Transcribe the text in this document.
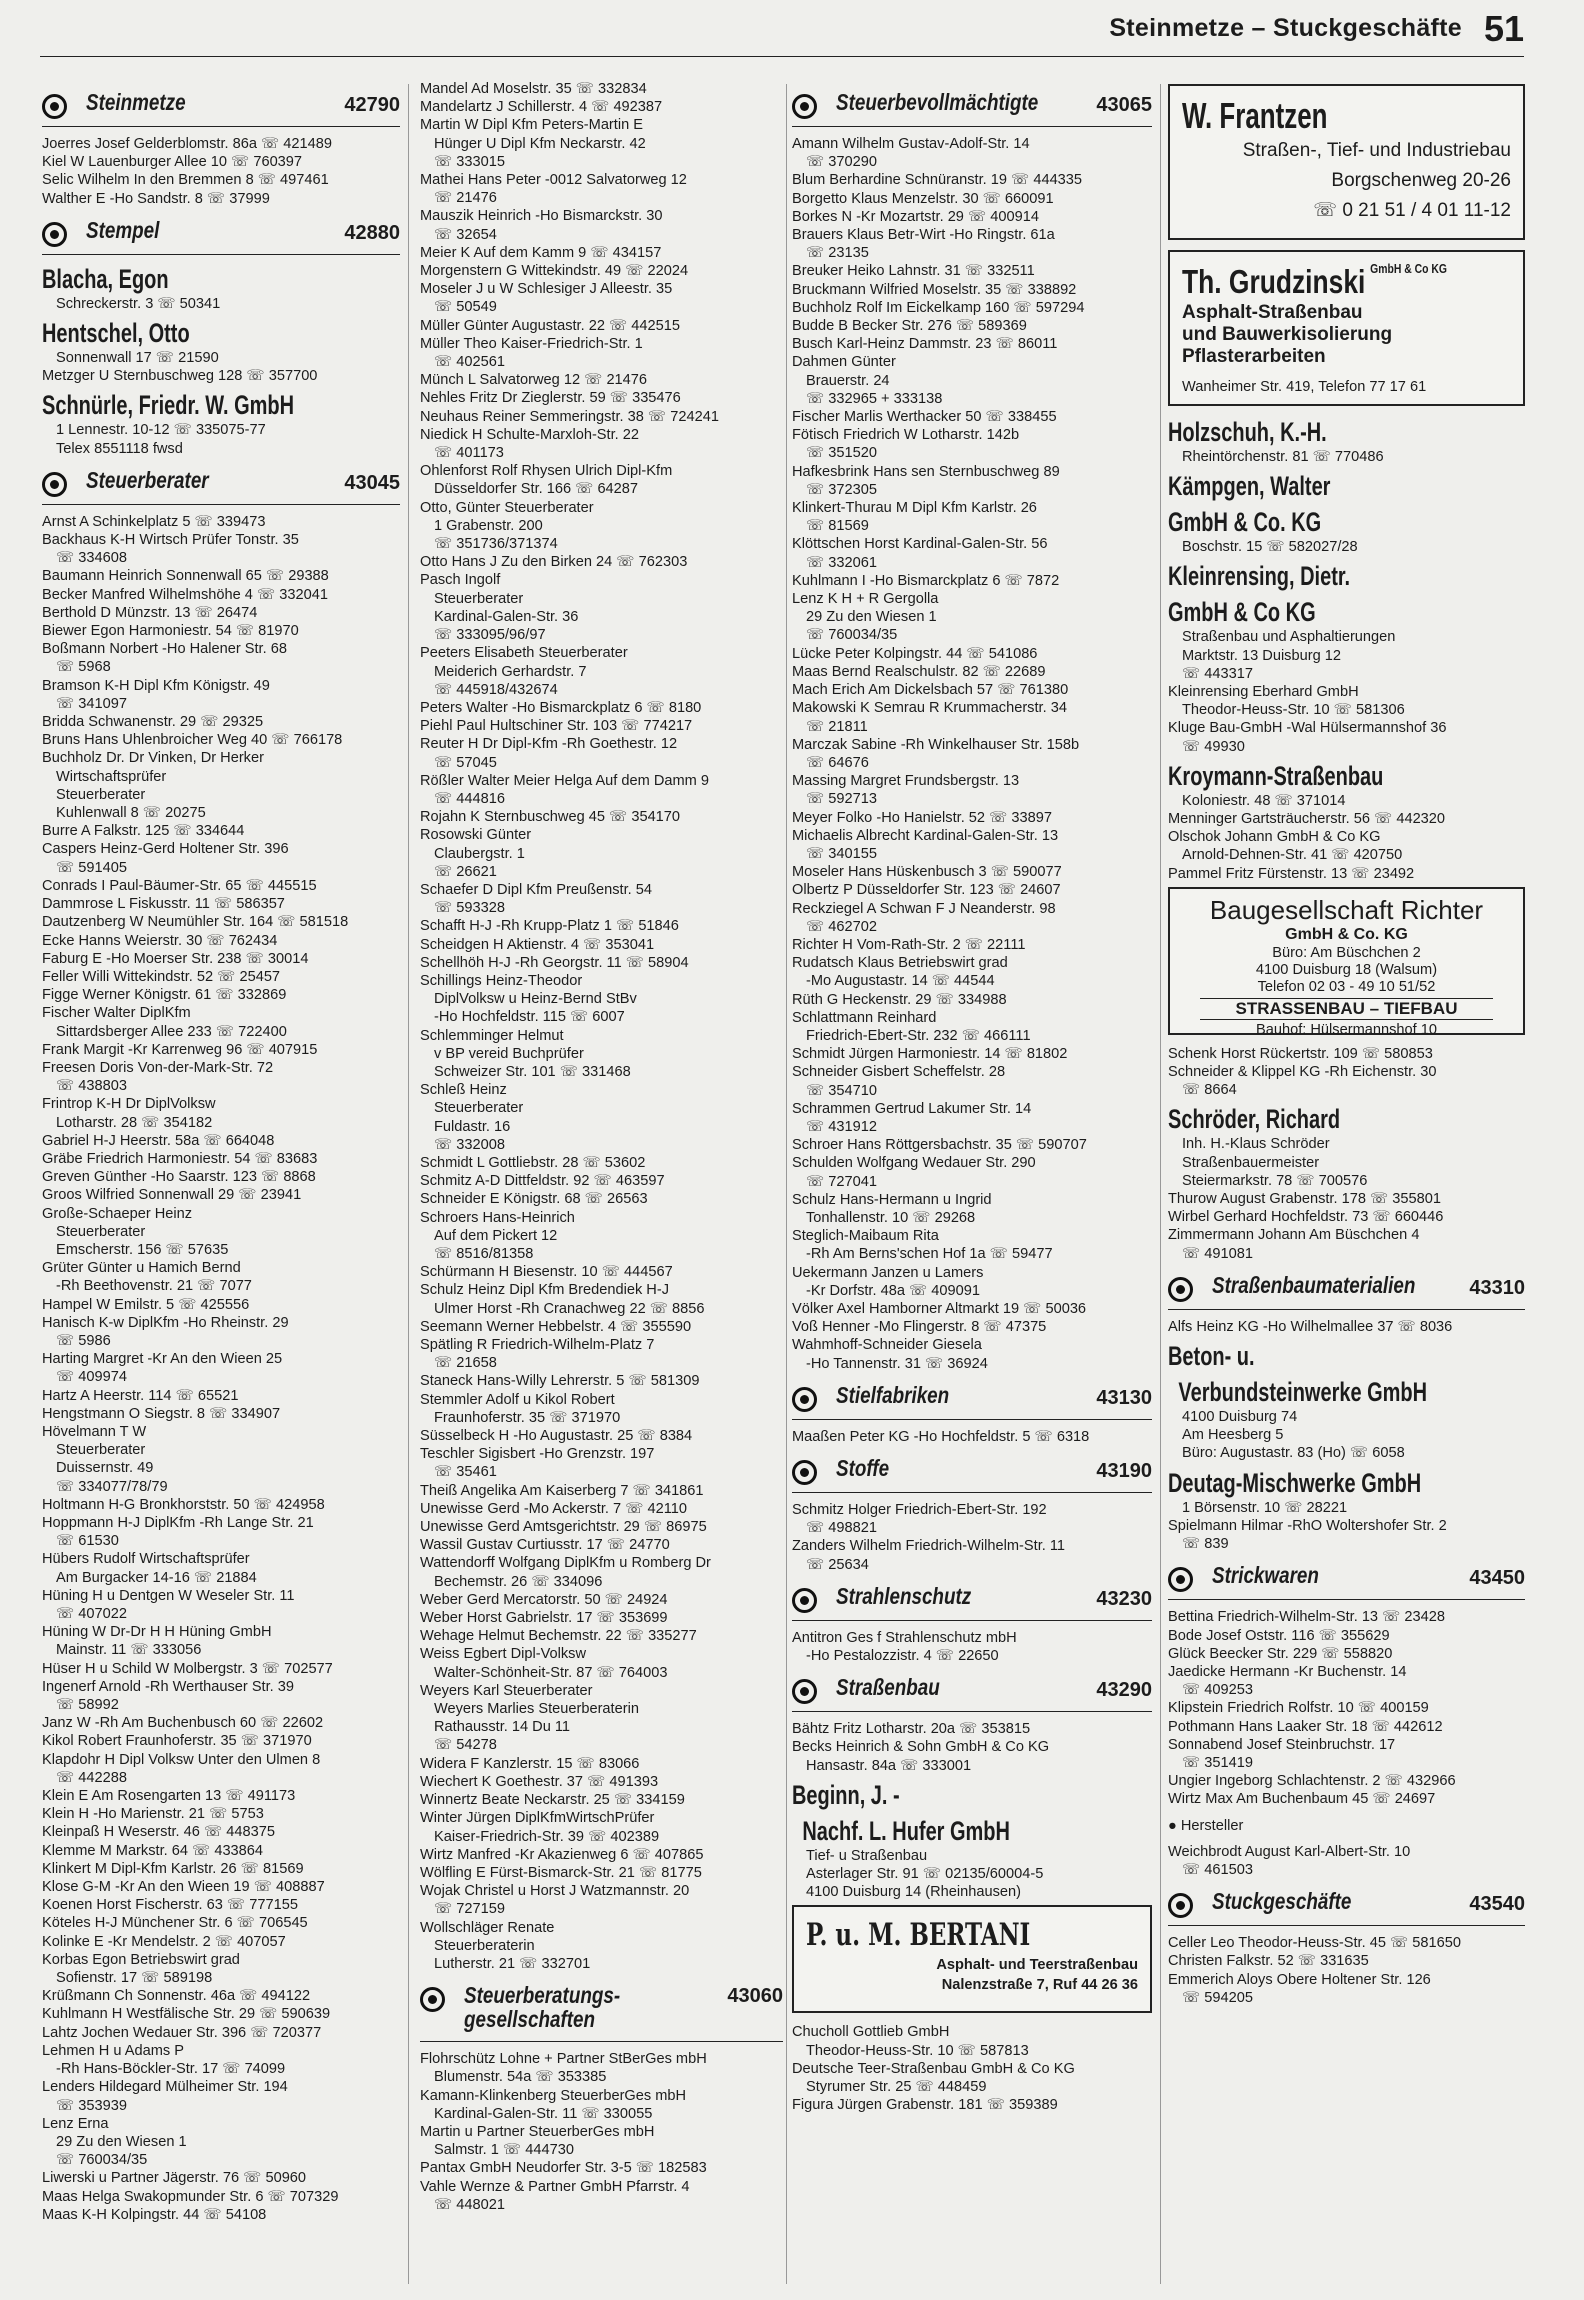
Steinmetze – Stuckgeschäfte 51
Steinmetze	42790
Joerres Josef Gelderblomstr. 86a ☏ 421489
Kiel W Lauenburger Allee 10 ☏ 760397
Selic Wilhelm In den Bremmen 8 ☏ 497461
Walther E -Ho Sandstr. 8 ☏ 37999
Stempel	42880
Blacha, Egon
Schreckerstr. 3 ☏ 50341
Hentschel, Otto
Sonnenwall 17 ☏ 21590
Metzger U Sternbuschweg 128 ☏ 357700
Schnürle, Friedr. W. GmbH
1 Lennestr. 10-12 ☏ 335075-77
Telex 8551118 fwsd
Steuerberater	43045
Arnst A Schinkelplatz 5 ☏ 339473
Backhaus K-H Wirtsch Prüfer Tonstr. 35
☏ 334608
Baumann Heinrich Sonnenwall 65 ☏ 29388
Becker Manfred Wilhelmshöhe 4 ☏ 332041
Berthold D Münzstr. 13 ☏ 26474
Biewer Egon Harmoniestr. 54 ☏ 81970
Boßmann Norbert -Ho Halener Str. 68
☏ 5968
Bramson K-H Dipl Kfm Königstr. 49
☏ 341097
Bridda Schwanenstr. 29 ☏ 29325
Bruns Hans Uhlenbroicher Weg 40 ☏ 766178
Buchholz Dr. Dr Vinken, Dr Herker
Wirtschaftsprüfer
Steuerberater
Kuhlenwall 8 ☏ 20275
Burre A Falkstr. 125 ☏ 334644
Caspers Heinz-Gerd Holtener Str. 396
☏ 591405
Conrads I Paul-Bäumer-Str. 65 ☏ 445515
Dammrose L Fiskusstr. 11 ☏ 586357
Dautzenberg W Neumühler Str. 164 ☏ 581518
Ecke Hanns Weierstr. 30 ☏ 762434
Faburg E -Ho Moerser Str. 238 ☏ 30014
Feller Willi Wittekindstr. 52 ☏ 25457
Figge Werner Königstr. 61 ☏ 332869
Fischer Walter DiplKfm
Sittardsberger Allee 233 ☏ 722400
Frank Margit -Kr Karrenweg 96 ☏ 407915
Freesen Doris Von-der-Mark-Str. 72
☏ 438803
Frintrop K-H Dr DiplVolksw
Lotharstr. 28 ☏ 354182
Gabriel H-J Heerstr. 58a ☏ 664048
Gräbe Friedrich Harmoniestr. 54 ☏ 83683
Greven Günther -Ho Saarstr. 123 ☏ 8868
Groos Wilfried Sonnenwall 29 ☏ 23941
Große-Schaeper Heinz
Steuerberater
Emscherstr. 156 ☏ 57635
Grüter Günter u Hamich Bernd
-Rh Beethovenstr. 21 ☏ 7077
Hampel W Emilstr. 5 ☏ 425556
Hanisch K-w DiplKfm -Ho Rheinstr. 29
☏ 5986
Harting Margret -Kr An den Wieen 25
☏ 409974
Hartz A Heerstr. 114 ☏ 65521
Hengstmann O Siegstr. 8 ☏ 334907
Hövelmann T W
Steuerberater
Duissernstr. 49
☏ 334077/78/79
Holtmann H-G Bronkhorststr. 50 ☏ 424958
Hoppmann H-J DiplKfm -Rh Lange Str. 21
☏ 61530
Hübers Rudolf Wirtschaftsprüfer
Am Burgacker 14-16 ☏ 21884
Hüning H u Dentgen W Weseler Str. 11
☏ 407022
Hüning W Dr-Dr H H Hüning GmbH
Mainstr. 11 ☏ 333056
Hüser H u Schild W Molbergstr. 3 ☏ 702577
Ingenerf Arnold -Rh Werthauser Str. 39
☏ 58992
Janz W -Rh Am Buchenbusch 60 ☏ 22602
Kikol Robert Fraunhoferstr. 35 ☏ 371970
Klapdohr H Dipl Volksw Unter den Ulmen 8
☏ 442288
Klein E Am Rosengarten 13 ☏ 491173
Klein H -Ho Marienstr. 21 ☏ 5753
Kleinpaß H Weserstr. 46 ☏ 448375
Klemme M Markstr. 64 ☏ 433864
Klinkert M Dipl-Kfm Karlstr. 26 ☏ 81569
Klose G-M -Kr An den Wieen 19 ☏ 408887
Koenen Horst Fischerstr. 63 ☏ 777155
Köteles H-J Münchener Str. 6 ☏ 706545
Kolinke E -Kr Mendelstr. 2 ☏ 407057
Korbas Egon Betriebswirt grad
Sofienstr. 17 ☏ 589198
Krüßmann Ch Sonnenstr. 46a ☏ 494122
Kuhlmann H Westfälische Str. 29 ☏ 590639
Lahtz Jochen Wedauer Str. 396 ☏ 720377
Lehmen H u Adams P
-Rh Hans-Böckler-Str. 17 ☏ 74099
Lenders Hildegard Mülheimer Str. 194
☏ 353939
Lenz Erna
29 Zu den Wiesen 1
☏ 760034/35
Liwerski u Partner Jägerstr. 76 ☏ 50960
Maas Helga Swakopmunder Str. 6 ☏ 707329
Maas K-H Kolpingstr. 44 ☏ 54108
Mandel Ad Moselstr. 35 ☏ 332834
Mandelartz J Schillerstr. 4 ☏ 492387
Martin W Dipl Kfm Peters-Martin E
Hünger U Dipl Kfm Neckarstr. 42
☏ 333015
Mathei Hans Peter -0012 Salvatorweg 12
☏ 21476
Mauszik Heinrich -Ho Bismarckstr. 30
☏ 32654
Meier K Auf dem Kamm 9 ☏ 434157
Morgenstern G Wittekindstr. 49 ☏ 22024
Moseler J u W Schlesiger J Alleestr. 35
☏ 50549
Müller Günter Augustastr. 22 ☏ 442515
Müller Theo Kaiser-Friedrich-Str. 1
☏ 402561
Münch L Salvatorweg 12 ☏ 21476
Nehles Fritz Dr Zieglerstr. 59 ☏ 335476
Neuhaus Reiner Semmeringstr. 38 ☏ 724241
Niedick H Schulte-Marxloh-Str. 22
☏ 401173
Ohlenforst Rolf Rhysen Ulrich Dipl-Kfm
Düsseldorfer Str. 166 ☏ 64287
Otto, Günter Steuerberater
1 Grabenstr. 200
☏ 351736/371374
Otto Hans J Zu den Birken 24 ☏ 762303
Pasch Ingolf
Steuerberater
Kardinal-Galen-Str. 36
☏ 333095/96/97
Peeters Elisabeth Steuerberater
Meiderich Gerhardstr. 7
☏ 445918/432674
Peters Walter -Ho Bismarckplatz 6 ☏ 8180
Piehl Paul Hultschiner Str. 103 ☏ 774217
Reuter H Dr Dipl-Kfm -Rh Goethestr. 12
☏ 57045
Rößler Walter Meier Helga Auf dem Damm 9
☏ 444816
Rojahn K Sternbuschweg 45 ☏ 354170
Rosowski Günter
Claubergstr. 1
☏ 26621
Schaefer D Dipl Kfm Preußenstr. 54
☏ 593328
Schafft H-J -Rh Krupp-Platz 1 ☏ 51846
Scheidgen H Aktienstr. 4 ☏ 353041
Schellhöh H-J -Rh Georgstr. 11 ☏ 58904
Schillings Heinz-Theodor
DiplVolksw u Heinz-Bernd StBv
-Ho Hochfeldstr. 115 ☏ 6007
Schlemminger Helmut
v BP vereid Buchprüfer
Schweizer Str. 101 ☏ 331468
Schleß Heinz
Steuerberater
Fuldastr. 16
☏ 332008
Schmidt L Gottliebstr. 28 ☏ 53602
Schmitz A-D Dittfeldstr. 92 ☏ 463597
Schneider E Königstr. 68 ☏ 26563
Schroers Hans-Heinrich
Auf dem Pickert 12
☏ 8516/81358
Schürmann H Biesenstr. 10 ☏ 444567
Schulz Heinz Dipl Kfm Bredendiek H-J
Ulmer Horst -Rh Cranachweg 22 ☏ 8856
Seemann Werner Hebbelstr. 4 ☏ 355590
Spätling R Friedrich-Wilhelm-Platz 7
☏ 21658
Staneck Hans-Willy Lehrerstr. 5 ☏ 581309
Stemmler Adolf u Kikol Robert
Fraunhoferstr. 35 ☏ 371970
Süsselbeck H -Ho Augustastr. 25 ☏ 8384
Teschler Sigisbert -Ho Grenzstr. 197
☏ 35461
Theiß Angelika Am Kaiserberg 7 ☏ 341861
Unewisse Gerd -Mo Ackerstr. 7 ☏ 42110
Unewisse Gerd Amtsgerichtstr. 29 ☏ 86975
Wassil Gustav Curtiusstr. 17 ☏ 24770
Wattendorff Wolfgang DiplKfm u Romberg Dr
Bechemstr. 26 ☏ 334096
Weber Gerd Mercatorstr. 50 ☏ 24924
Weber Horst Gabrielstr. 17 ☏ 353699
Wehage Helmut Bechemstr. 22 ☏ 335277
Weiss Egbert Dipl-Volksw
Walter-Schönheit-Str. 87 ☏ 764003
Weyers Karl Steuerberater
Weyers Marlies Steuerberaterin
Rathausstr. 14 Du 11
☏ 54278
Widera F Kanzlerstr. 15 ☏ 83066
Wiechert K Goethestr. 37 ☏ 491393
Winnertz Beate Neckarstr. 25 ☏ 334159
Winter Jürgen DiplKfmWirtschPrüfer
Kaiser-Friedrich-Str. 39 ☏ 402389
Wirtz Manfred -Kr Akazienweg 6 ☏ 407865
Wölfling E Fürst-Bismarck-Str. 21 ☏ 81775
Wojak Christel u Horst J Watzmannstr. 20
☏ 727159
Wollschläger Renate
Steuerberaterin
Lutherstr. 21 ☏ 332701
Steuerberatungs-
gesellschaften
43060
Flohrschütz Lohne + Partner StBerGes mbH
Blumenstr. 54a ☏ 353385
Kamann-Klinkenberg SteuerberGes mbH
Kardinal-Galen-Str. 11 ☏ 330055
Martin u Partner SteuerberGes mbH
Salmstr. 1 ☏ 444730
Pantax GmbH Neudorfer Str. 3-5 ☏ 182583
Vahle Wernze & Partner GmbH Pfarrstr. 4
☏ 448021
Steuerbevollmächtigte	43065
Amann Wilhelm Gustav-Adolf-Str. 14
☏ 370290
Blum Berhardine Schnüranstr. 19 ☏ 444335
Borgetto Klaus Menzelstr. 30 ☏ 660091
Borkes N -Kr Mozartstr. 29 ☏ 400914
Brauers Klaus Betr-Wirt -Ho Ringstr. 61a
☏ 23135
Breuker Heiko Lahnstr. 31 ☏ 332511
Bruckmann Wilfried Moselstr. 35 ☏ 338892
Buchholz Rolf Im Eickelkamp 160 ☏ 597294
Budde B Becker Str. 276 ☏ 589369
Busch Karl-Heinz Dammstr. 23 ☏ 86011
Dahmen Günter
Brauerstr. 24
☏ 332965 + 333138
Fischer Marlis Werthacker 50 ☏ 338455
Fötisch Friedrich W Lotharstr. 142b
☏ 351520
Hafkesbrink Hans sen Sternbuschweg 89
☏ 372305
Klinkert-Thurau M Dipl Kfm Karlstr. 26
☏ 81569
Klöttschen Horst Kardinal-Galen-Str. 56
☏ 332061
Kuhlmann I -Ho Bismarckplatz 6 ☏ 7872
Lenz K H + R Gergolla
29 Zu den Wiesen 1
☏ 760034/35
Lücke Peter Kolpingstr. 44 ☏ 541086
Maas Bernd Realschulstr. 82 ☏ 22689
Mach Erich Am Dickelsbach 57 ☏ 761380
Makowski K Semrau R Krummacherstr. 34
☏ 21811
Marczak Sabine -Rh Winkelhauser Str. 158b
☏ 64676
Massing Margret Frundsbergstr. 13
☏ 592713
Meyer Folko -Ho Hanielstr. 52 ☏ 33897
Michaelis Albrecht Kardinal-Galen-Str. 13
☏ 340155
Moseler Hans Hüskenbusch 3 ☏ 590077
Olbertz P Düsseldorfer Str. 123 ☏ 24607
Reckziegel A Schwan F J Neanderstr. 98
☏ 462702
Richter H Vom-Rath-Str. 2 ☏ 22111
Rudatsch Klaus Betriebswirt grad
-Mo Augustastr. 14 ☏ 44544
Rüth G Heckenstr. 29 ☏ 334988
Schlattmann Reinhard
Friedrich-Ebert-Str. 232 ☏ 466111
Schmidt Jürgen Harmoniestr. 14 ☏ 81802
Schneider Gisbert Scheffelstr. 28
☏ 354710
Schrammen Gertrud Lakumer Str. 14
☏ 431912
Schroer Hans Röttgersbachstr. 35 ☏ 590707
Schulden Wolfgang Wedauer Str. 290
☏ 727041
Schulz Hans-Hermann u Ingrid
Tonhallenstr. 10 ☏ 29268
Steglich-Maibaum Rita
-Rh Am Berns'schen Hof 1a ☏ 59477
Uekermann Janzen u Lamers
-Kr Dorfstr. 48a ☏ 409091
Völker Axel Hamborner Altmarkt 19 ☏ 50036
Voß Henner -Mo Flingerstr. 8 ☏ 47375
Wahmhoff-Schneider Giesela
-Ho Tannenstr. 31 ☏ 36924
Stielfabriken	43130
Maaßen Peter KG -Ho Hochfeldstr. 5 ☏ 6318
Stoffe	43190
Schmitz Holger Friedrich-Ebert-Str. 192
☏ 498821
Zanders Wilhelm Friedrich-Wilhelm-Str. 11
☏ 25634
Strahlenschutz	43230
Antitron Ges f Strahlenschutz mbH
-Ho Pestalozzistr. 4 ☏ 22650
Straßenbau	43290
Bähtz Fritz Lotharstr. 20a ☏ 353815
Becks Heinrich & Sohn GmbH & Co KG
Hansastr. 84a ☏ 333001
Beginn, J. -
Nachf. L. Hufer GmbH
Tief- u Straßenbau
Asterlager Str. 91 ☏ 02135/60004-5
4100 Duisburg 14 (Rheinhausen)
P. u. M. BERTANI
Asphalt- und Teerstraßenbau
Nalenzstraße 7, Ruf 44 26 36
Chucholl Gottlieb GmbH
Theodor-Heuss-Str. 10 ☏ 587813
Deutsche Teer-Straßenbau GmbH & Co KG
Styrumer Str. 25 ☏ 448459
Figura Jürgen Grabenstr. 181 ☏ 359389
W. Frantzen
Straßen-, Tief- und Industriebau
Borgschenweg 20-26
☏ 0 21 51 / 4 01 11-12
Th. Grudzinski GmbH & Co KG
Asphalt-Straßenbau
und Bauwerkisolierung
Pflasterarbeiten
Wanheimer Str. 419, Telefon 77 17 61
Holzschuh, K.-H.
Rheintörchenstr. 81 ☏ 770486
Kämpgen, Walter
GmbH & Co. KG
Boschstr. 15 ☏ 582027/28
Kleinrensing, Dietr.
GmbH & Co KG
Straßenbau und Asphaltierungen
Marktstr. 13 Duisburg 12
☏ 443317
Kleinrensing Eberhard GmbH
Theodor-Heuss-Str. 10 ☏ 581306
Kluge Bau-GmbH -Wal Hülsermannshof 36
☏ 49930
Kroymann-Straßenbau
Koloniestr. 48 ☏ 371014
Menninger Gartsträucherstr. 56 ☏ 442320
Olschok Johann GmbH & Co KG
Arnold-Dehnen-Str. 41 ☏ 420750
Pammel Fritz Fürstenstr. 13 ☏ 23492
Baugesellschaft Richter
GmbH & Co. KG
Büro: Am Büschchen 2
4100 Duisburg 18 (Walsum)
Telefon 02 03 - 49 10 51/52
STRASSENBAU – TIEFBAU
Bauhof: Hülsermannshof 10
Schenk Horst Rückertstr. 109 ☏ 580853
Schneider & Klippel KG -Rh Eichenstr. 30
☏ 8664
Schröder, Richard
Inh. H.-Klaus Schröder
Straßenbauermeister
Steiermarkstr. 78 ☏ 700576
Thurow August Grabenstr. 178 ☏ 355801
Wirbel Gerhard Hochfeldstr. 73 ☏ 660446
Zimmermann Johann Am Büschchen 4
☏ 491081
Straßenbaumaterialien	43310
Alfs Heinz KG -Ho Wilhelmallee 37 ☏ 8036
Beton- u.
Verbundsteinwerke GmbH
4100 Duisburg 74
Am Heesberg 5
Büro: Augustastr. 83 (Ho) ☏ 6058
Deutag-Mischwerke GmbH
1 Börsenstr. 10 ☏ 28221
Spielmann Hilmar -RhO Woltershofer Str. 2
☏ 839
Strickwaren	43450
Bettina Friedrich-Wilhelm-Str. 13 ☏ 23428
Bode Josef Oststr. 116 ☏ 355629
Glück Beecker Str. 229 ☏ 558820
Jaedicke Hermann -Kr Buchenstr. 14
☏ 409253
Klipstein Friedrich Rolfstr. 10 ☏ 400159
Pothmann Hans Laaker Str. 18 ☏ 442612
Sonnabend Josef Steinbruchstr. 17
☏ 351419
Ungier Ingeborg Schlachtenstr. 2 ☏ 432966
Wirtz Max Am Buchenbaum 45 ☏ 24697
● Hersteller
Weichbrodt August Karl-Albert-Str. 10
☏ 461503
Stuckgeschäfte	43540
Celler Leo Theodor-Heuss-Str. 45 ☏ 581650
Christen Falkstr. 52 ☏ 331635
Emmerich Aloys Obere Holtener Str. 126
☏ 594205
